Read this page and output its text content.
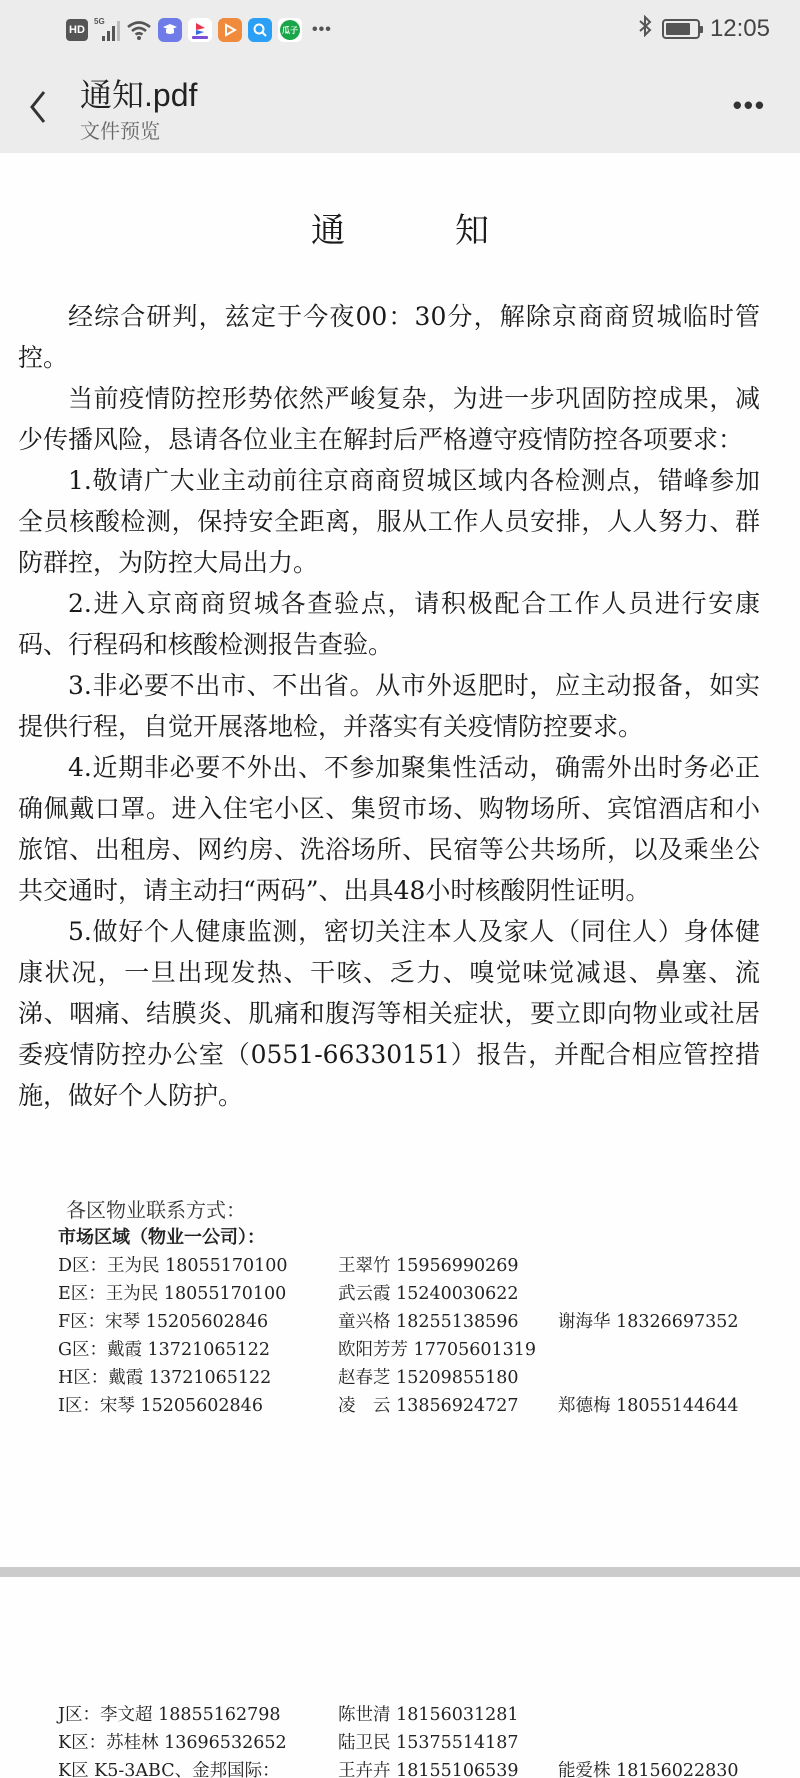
HD
5G
瓜子 •••	12:05
通知.pdf
文件预览
•••
通　知

经综合研判，兹定于今夜00：30分，解除京商商贸城临时管控。

当前疫情防控形势依然严峻复杂，为进一步巩固防控成果，减少传播风险，恳请各位业主在解封后严格遵守疫情防控各项要求：

1.敬请广大业主动前往京商商贸城区域内各检测点，错峰参加全员核酸检测，保持安全距离，服从工作人员安排，人人努力、群防群控，为防控大局出力。

2.进入京商商贸城各查验点，请积极配合工作人员进行安康码、行程码和核酸检测报告查验。

3.非必要不出市、不出省。从市外返肥时，应主动报备，如实提供行程，自觉开展落地检，并落实有关疫情防控要求。

4.近期非必要不外出、不参加聚集性活动，确需外出时务必正确佩戴口罩。进入住宅小区、集贸市场、购物场所、宾馆酒店和小旅馆、出租房、网约房、洗浴场所、民宿等公共场所，以及乘坐公共交通时，请主动扫“两码”、出具48小时核酸阴性证明。

5.做好个人健康监测，密切关注本人及家人（同住人）身体健康状况，一旦出现发热、干咳、乏力、嗅觉味觉减退、鼻塞、流涕、咽痛、结膜炎、肌痛和腹泻等相关症状，要立即向物业或社居委疫情防控办公室（0551-66330151）报告，并配合相应管控措施，做好个人防护。

各区物业联系方式：
市场区域（物业一公司）：
D区：王为民 18055170100	王翠竹 15956990269
E区：王为民 18055170100	武云霞 15240030622
F区：宋琴 15205602846	童兴格 18255138596	谢海华 18326697352
G区：戴霞 13721065122	欧阳芳芳 17705601319
H区：戴霞 13721065122	赵春芝 15209855180
I区：宋琴 15205602846	凌　云 13856924727	郑德梅 18055144644
J区：李文超 18855162798	陈世清 18156031281
K区：苏桂林 13696532652	陆卫民 15375514187
K区 K5-3ABC、金邦国际：	王卉卉 18155106539	能爱株 18156022830
